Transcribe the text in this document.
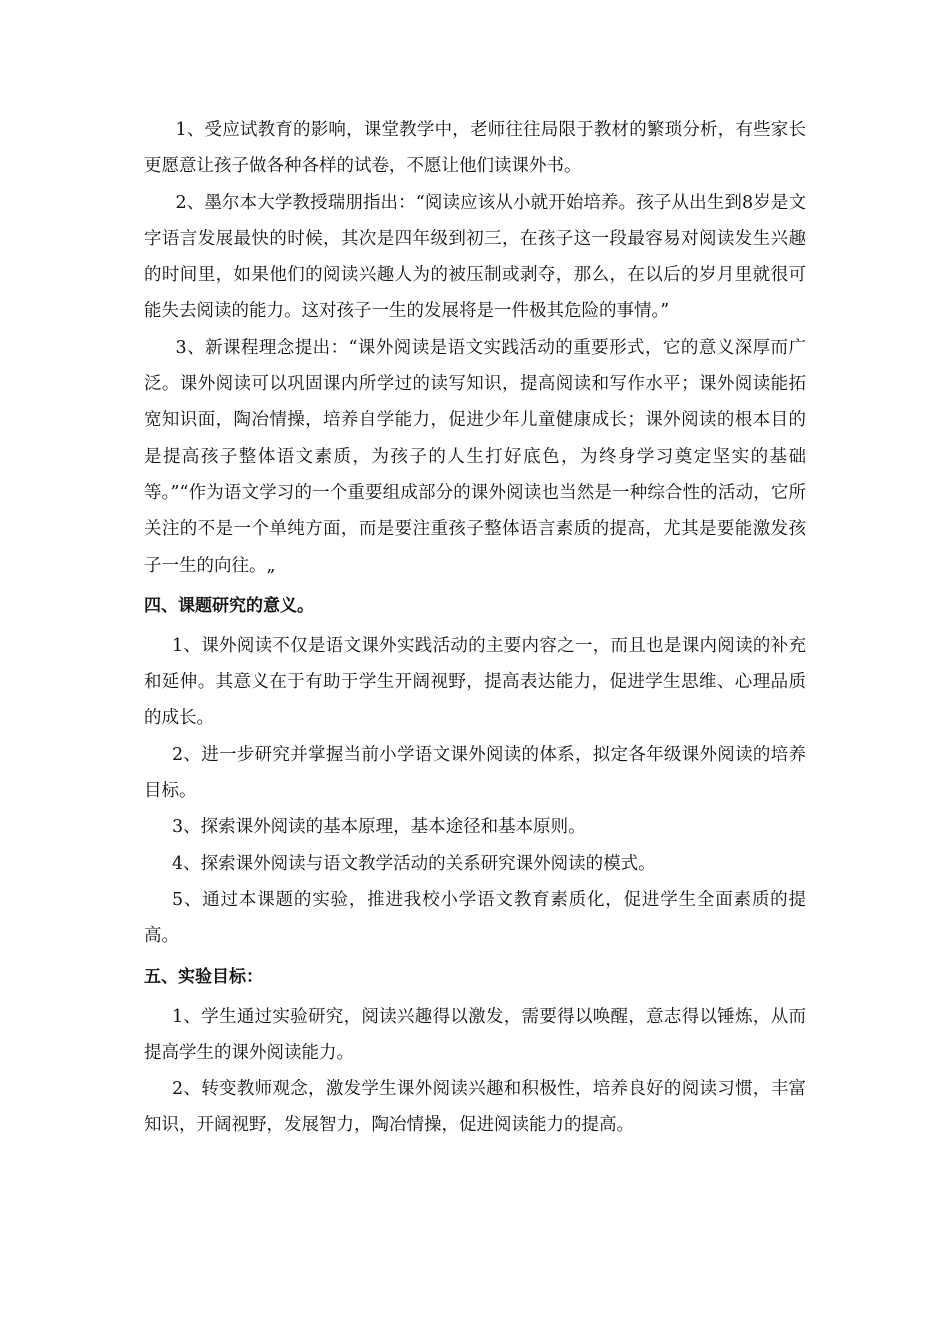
1、受应试教育的影响，课堂教学中，老师往往局限于教材的繁琐分析，有些家长更愿意让孩子做各种各样的试卷，不愿让他们读课外书。

2、墨尔本大学教授瑞朋指出：“阅读应该从小就开始培养。孩子从出生到8岁是文字语言发展最快的时候，其次是四年级到初三，在孩子这一段最容易对阅读发生兴趣的时间里，如果他们的阅读兴趣人为的被压制或剥夺，那么，在以后的岁月里就很可能失去阅读的能力。这对孩子一生的发展将是一件极其危险的事情。”

3、新课程理念提出：“课外阅读是语文实践活动的重要形式，它的意义深厚而广泛。课外阅读可以巩固课内所学过的读写知识，提高阅读和写作水平；课外阅读能拓宽知识面，陶冶情操，培养自学能力，促进少年儿童健康成长；课外阅读的根本目的是提高孩子整体语文素质，为孩子的人生打好底色，为终身学习奠定坚实的基础等。”“作为语文学习的一个重要组成部分的课外阅读也当然是一种综合性的活动，它所关注的不是一个单纯方面，而是要注重孩子整体语言素质的提高，尤其是要能激发孩子一生的向往。„

四、课题研究的意义。

1、课外阅读不仅是语文课外实践活动的主要内容之一，而且也是课内阅读的补充和延伸。其意义在于有助于学生开阔视野，提高表达能力，促进学生思维、心理品质的成长。

2、进一步研究并掌握当前小学语文课外阅读的体系，拟定各年级课外阅读的培养目标。

3、探索课外阅读的基本原理，基本途径和基本原则。

4、探索课外阅读与语文教学活动的关系研究课外阅读的模式。

5、通过本课题的实验，推进我校小学语文教育素质化，促进学生全面素质的提高。

五、实验目标：

1、学生通过实验研究，阅读兴趣得以激发，需要得以唤醒，意志得以锤炼，从而提高学生的课外阅读能力。

2、转变教师观念，激发学生课外阅读兴趣和积极性，培养良好的阅读习惯，丰富知识，开阔视野，发展智力，陶冶情操，促进阅读能力的提高。
